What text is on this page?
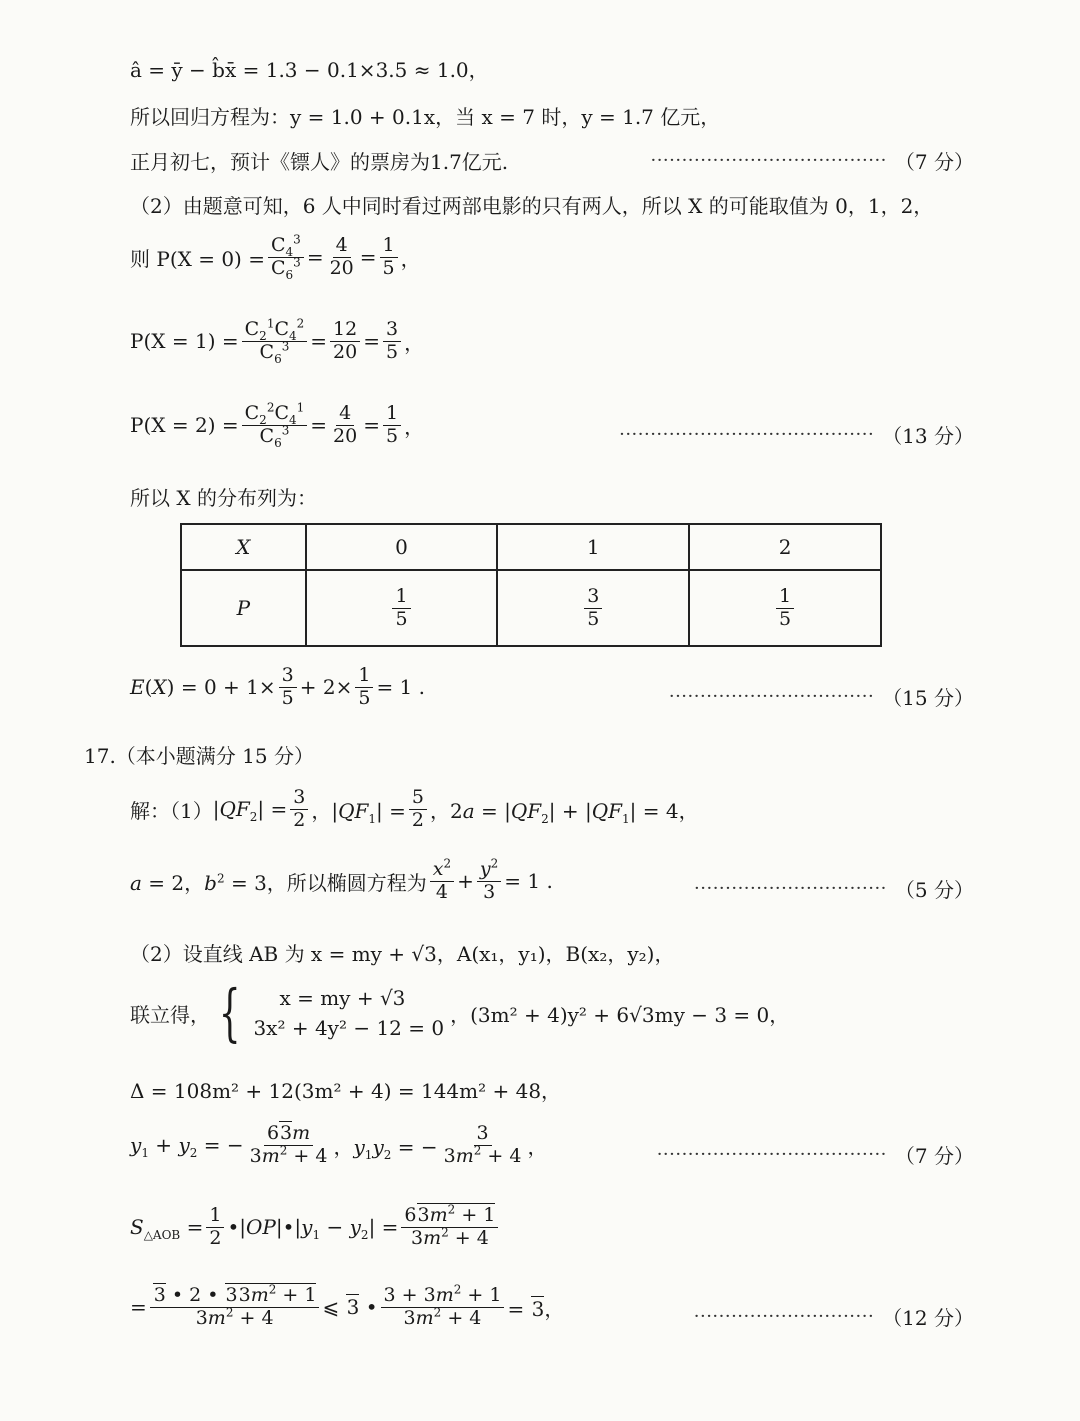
â = ȳ − b̂x̄ = 1.3 − 0.1×3.5 ≈ 1.0，
所以回归方程为：y = 1.0 + 0.1x，当 x = 7 时，y = 1.7 亿元，
正月初七，预计《镖人》的票房为1.7亿元.	······································ （7 分）
（2）由题意可知，6 人中同时看过两部电影的只有两人，所以 X 的可能取值为 0，1，2，
则 $P(X = 0) = \frac{C_4^3}{C_6^3} = \frac{4}{20} = \frac{1}{5}$ ，
$P(X = 1) = \frac{C_2^1C_4^2}{C_6^3} = \frac{12}{20} = \frac{3}{5}$ ，
$P(X = 2) = \frac{C_2^2C_4^1}{C_6^3} = \frac{4}{20} = \frac{1}{5}$ ，	········································· （13 分）
所以 X 的分布列为：
X	0	1	2
P	$\frac{1}{5}$	$\frac{3}{5}$	$\frac{1}{5}$
$E(X) = 0 + 1\times \frac{3}{5} + 2\times \frac{1}{5} = 1$ .	································· （15 分）
17.（本小题满分 15 分）
解：（1） $|QF_2| = \frac{3}{2}$ ，$|QF_1| = \frac{5}{2}$ ，$2a = |QF_2| + |QF_1| = 4$，
a = 2，$b^2 = 3$，所以椭圆方程为 $\frac{x^2}{4} + \frac{y^2}{3} = 1$ .	······························· （5 分）
（2）设直线 AB 为 x = my + √3，A(x₁，y₁)，B(x₂，y₂)，
联立得， {	x = my + √3
3x² + 4y² − 12 = 0
，(3m² + 4)y² + 6√3my − 3 = 0，
Δ = 108m² + 12(3m² + 4) = 144m² + 48，
$y_1 + y_2$ = − $\frac{63m}{3m^2 + 4}$ ，$y_1y_2$ = − $\frac{3}{3m^2 + 4}$ ，	····································· （7 分）
$S_{\triangle AOB} = \frac{1}{2}$ $•|OP|•|y_1 - y_2| = \frac{63m^2 + 1}{3m^2 + 4}$
= $\frac{3 • 2 • 33m^2 + 1}{3m^2 + 4}$ ⩽ 3 • $\frac{3 + 3m^2 + 1}{3m^2 + 4} = 3$，	····························· （12 分）
